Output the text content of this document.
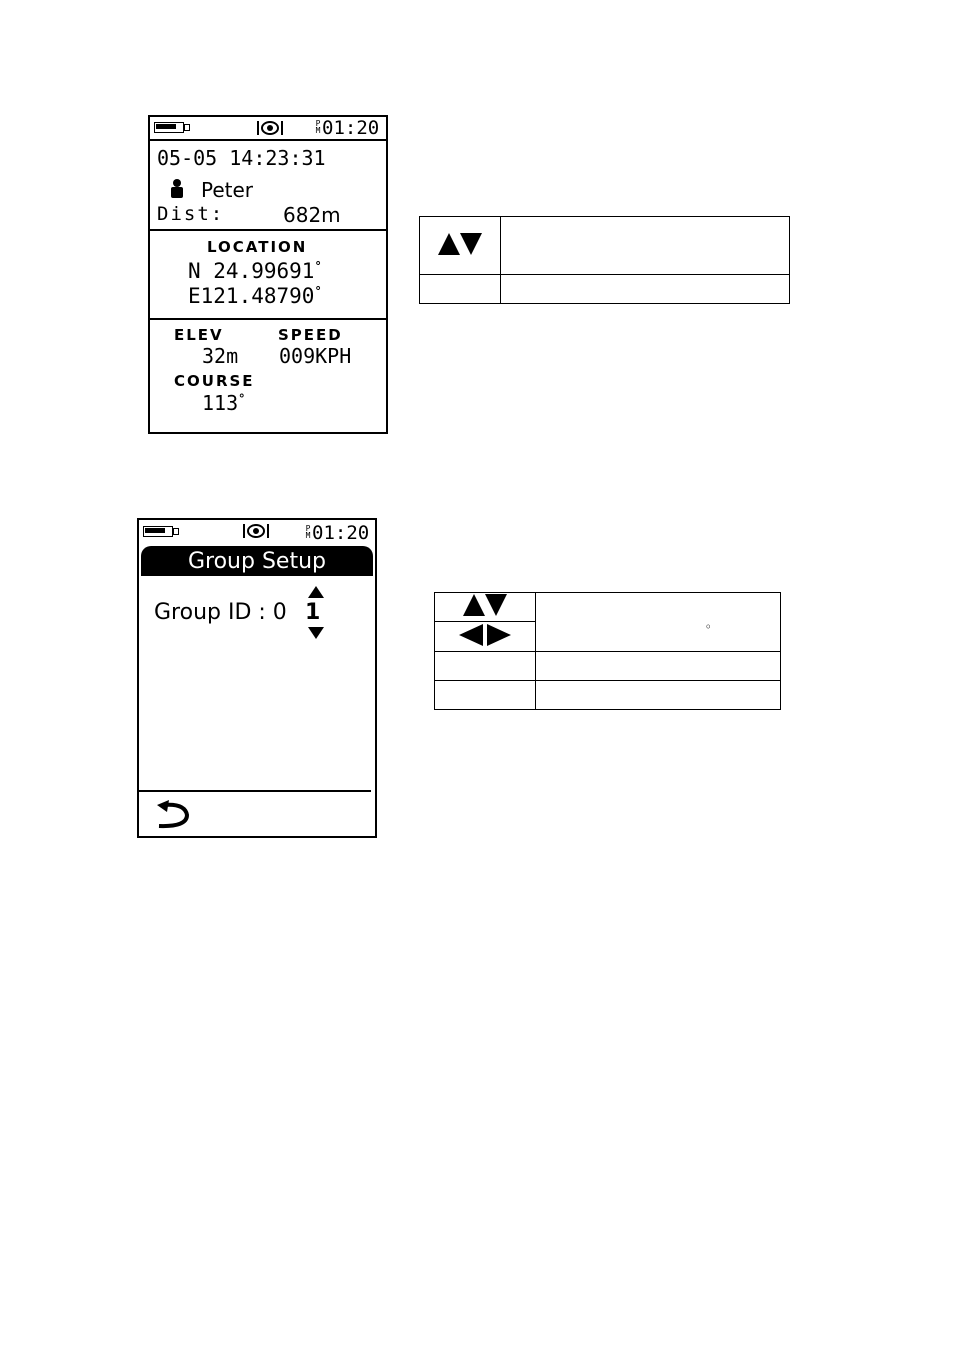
P
M01:20
05-05 14:23:31
Peter
Dist:	682m
LOCATION
N 24.99691°
E121.48790°
ELEV	SPEED
32m 009KPH
COURSE
113°

P
M01:20
Group Setup
Group ID : 0 1
		。
